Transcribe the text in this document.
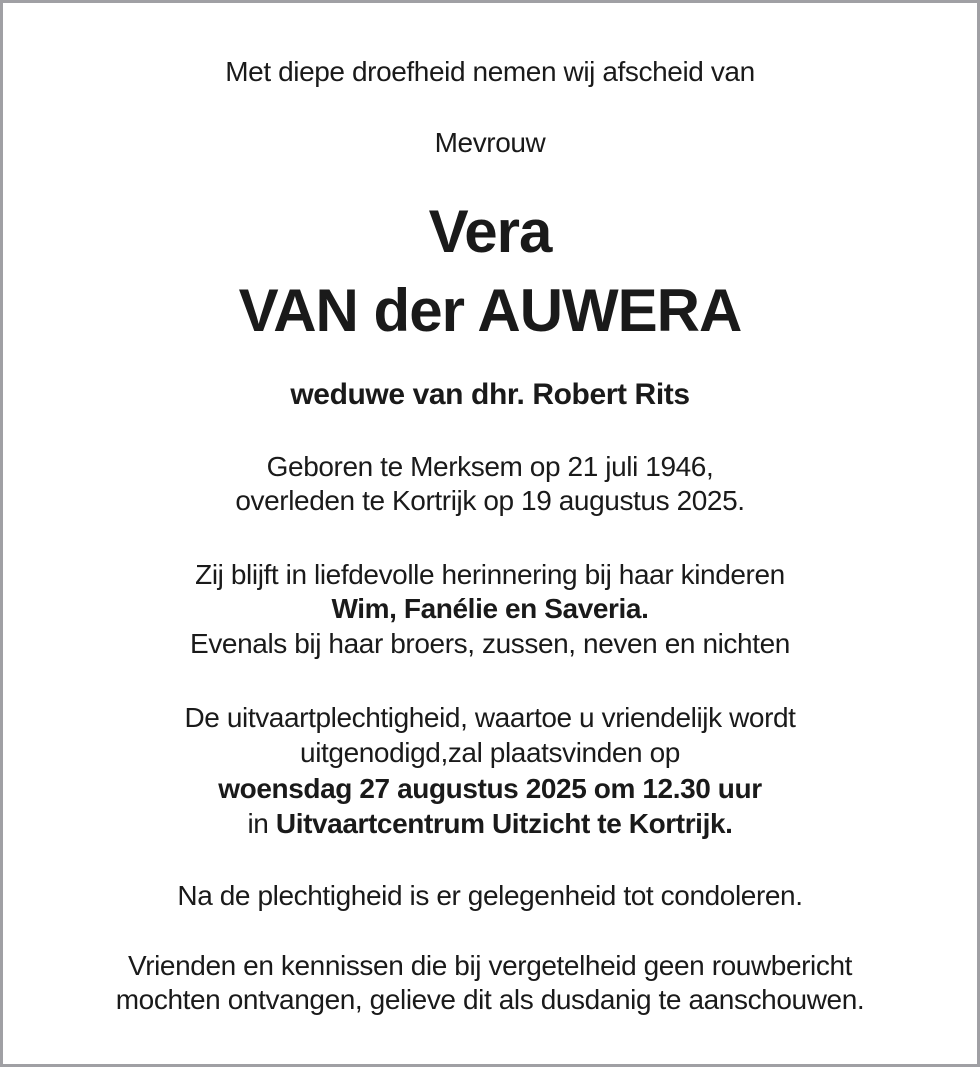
Met diepe droefheid nemen wij afscheid van
Mevrouw
Vera
VAN der AUWERA
weduwe van dhr. Robert Rits
Geboren te Merksem op 21 juli 1946,
overleden te Kortrijk op 19 augustus 2025.
Zij blijft in liefdevolle herinnering bij haar kinderen
Wim, Fanélie en Saveria.
Evenals bij haar broers, zussen, neven en nichten
De uitvaartplechtigheid, waartoe u vriendelijk wordt
uitgenodigd,zal plaatsvinden op
woensdag 27 augustus 2025 om 12.30 uur
in Uitvaartcentrum Uitzicht te Kortrijk.
Na de plechtigheid is er gelegenheid tot condoleren.
Vrienden en kennissen die bij vergetelheid geen rouwbericht
mochten ontvangen, gelieve dit als dusdanig te aanschouwen.
